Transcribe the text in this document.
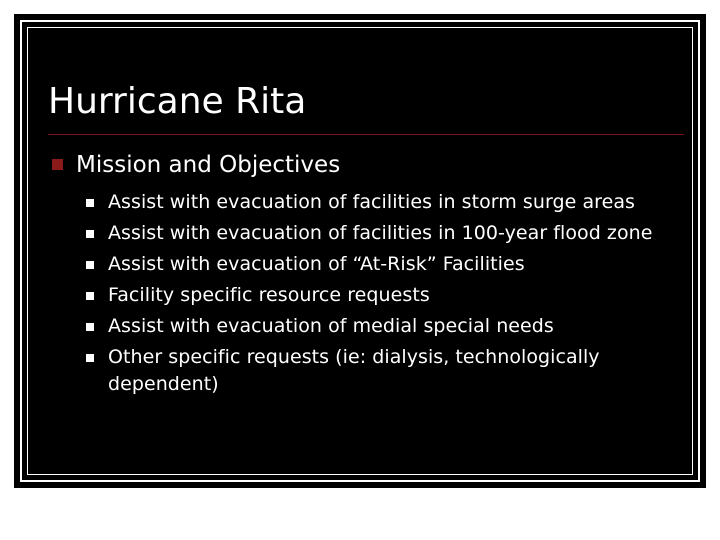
Hurricane Rita
Mission and Objectives
Assist with evacuation of facilities in storm surge areas
Assist with evacuation of facilities in 100-year flood zone
Assist with evacuation of “At-Risk” Facilities
Facility specific resource requests
Assist with evacuation of medial special needs
Other specific requests (ie: dialysis, technologically dependent)
